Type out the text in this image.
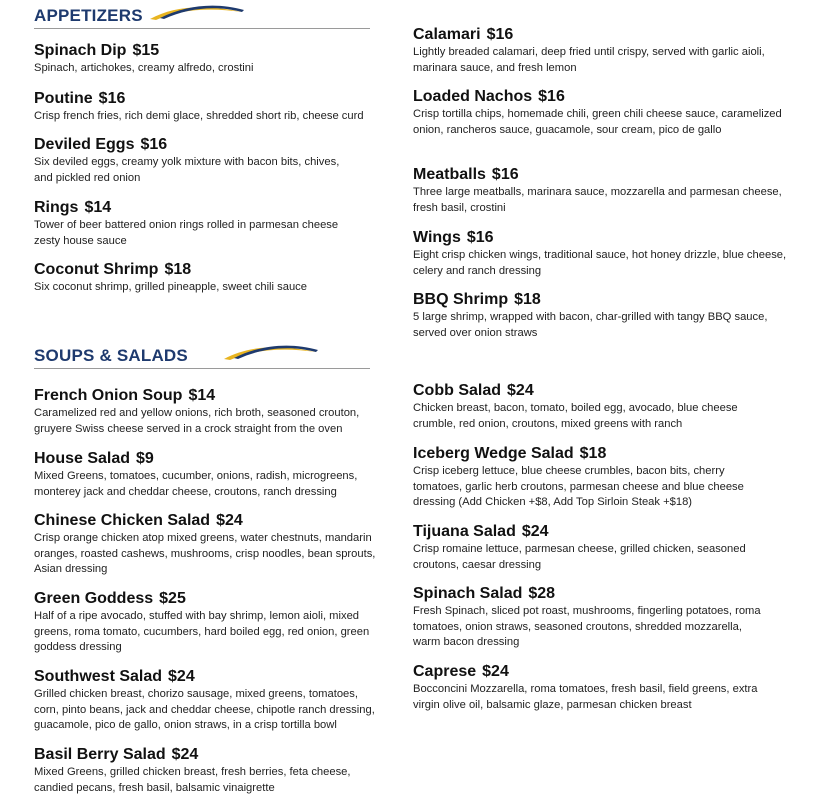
APPETIZERS
Spinach Dip $15
Spinach, artichokes, creamy alfredo, crostini
Poutine $16
Crisp french fries, rich demi glace, shredded short rib, cheese curd
Deviled Eggs $16
Six deviled eggs, creamy yolk mixture with bacon bits, chives, and pickled red onion
Rings $14
Tower of beer battered onion rings rolled in parmesan cheese zesty house sauce
Coconut Shrimp $18
Six coconut shrimp, grilled pineapple, sweet chili sauce
Calamari $16
Lightly breaded calamari, deep fried until crispy, served with garlic aioli, marinara sauce, and fresh lemon
Loaded Nachos $16
Crisp tortilla chips, homemade chili, green chili cheese sauce, caramelized onion, rancheros sauce, guacamole, sour cream, pico de gallo
Meatballs $16
Three large meatballs, marinara sauce, mozzarella and parmesan cheese, fresh basil, crostini
Wings $16
Eight crisp chicken wings, traditional sauce, hot honey drizzle, blue cheese, celery and ranch dressing
BBQ Shrimp $18
5 large shrimp, wrapped with bacon, char-grilled with tangy BBQ sauce, served over onion straws
SOUPS & SALADS
French Onion Soup $14
Caramelized red and yellow onions, rich broth, seasoned crouton, gruyere Swiss cheese served in a crock straight from the oven
House Salad $9
Mixed Greens, tomatoes, cucumber, onions, radish, microgreens, monterey jack and cheddar cheese, croutons, ranch dressing
Chinese Chicken Salad $24
Crisp orange chicken atop mixed greens, water chestnuts, mandarin oranges, roasted cashews, mushrooms, crisp noodles, bean sprouts, Asian dressing
Green Goddess $25
Half of a ripe avocado, stuffed with bay shrimp, lemon aioli, mixed greens, roma tomato, cucumbers, hard boiled egg, red onion, green goddess dressing
Southwest Salad $24
Grilled chicken breast, chorizo sausage, mixed greens, tomatoes, corn, pinto beans, jack and cheddar cheese, chipotle ranch dressing, guacamole, pico de gallo, onion straws, in a crisp tortilla bowl
Basil Berry Salad $24
Mixed Greens, grilled chicken breast, fresh berries, feta cheese, candied pecans, fresh basil, balsamic vinaigrette
Cobb Salad $24
Chicken breast, bacon, tomato, boiled egg, avocado, blue cheese crumble, red onion, croutons, mixed greens with ranch
Iceberg Wedge Salad $18
Crisp iceberg lettuce, blue cheese crumbles, bacon bits, cherry tomatoes, garlic herb croutons, parmesan cheese and blue cheese dressing (Add Chicken +$8, Add Top Sirloin Steak +$18)
Tijuana Salad $24
Crisp romaine lettuce, parmesan cheese, grilled chicken, seasoned croutons, caesar dressing
Spinach Salad $28
Fresh Spinach, sliced pot roast, mushrooms, fingerling potatoes, roma tomatoes, onion straws, seasoned croutons, shredded mozzarella, warm bacon dressing
Caprese $24
Bocconcini Mozzarella, roma tomatoes, fresh basil, field greens, extra virgin olive oil, balsamic glaze, parmesan chicken breast
